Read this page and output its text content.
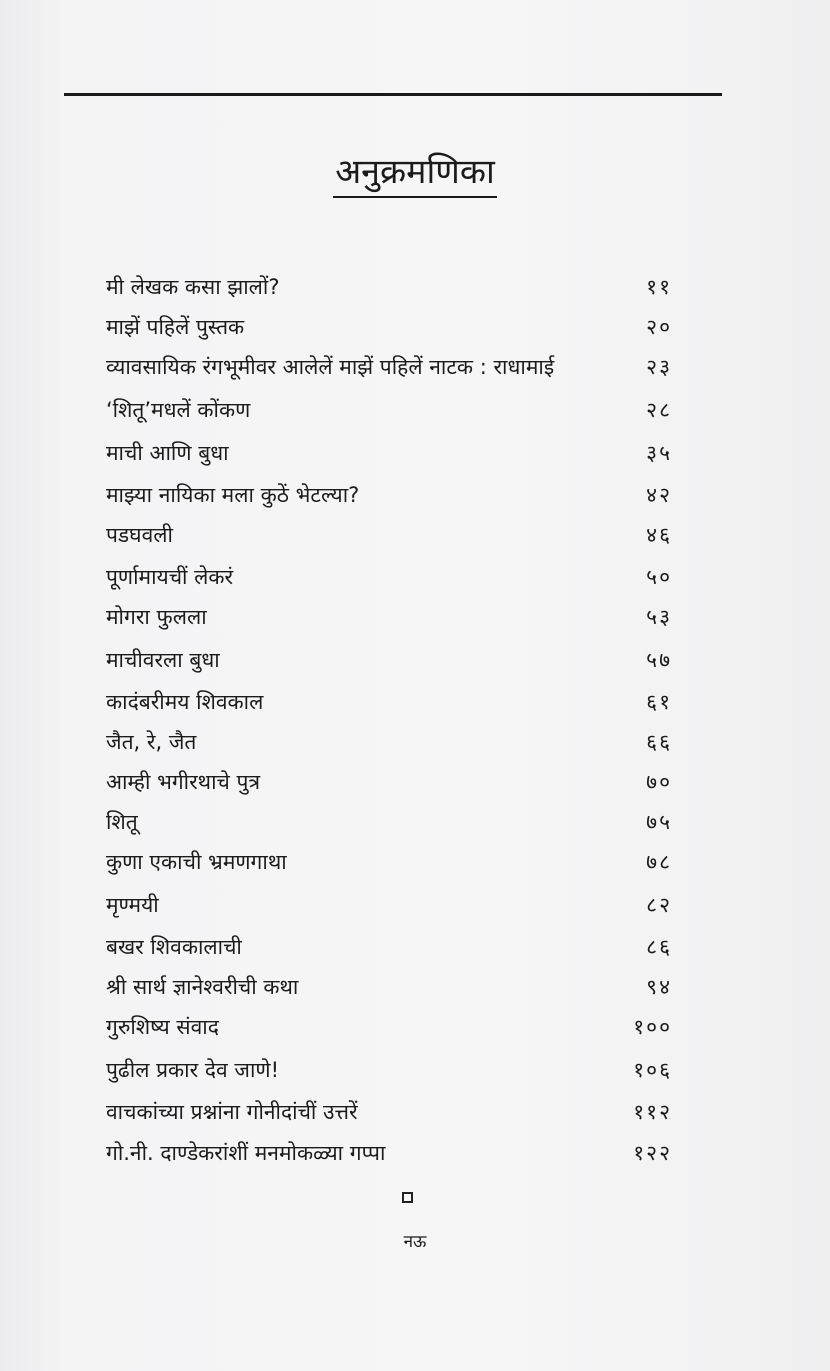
अनुक्रमणिका
मी लेखक कसा झालों?	११
माझें पहिलें पुस्तक	२०
व्यावसायिक रंगभूमीवर आलेलें माझें पहिलें नाटक : राधामाई	२३
‘शितू’मधलें कोंकण	२८
माची आणि बुधा	३५
माझ्या नायिका मला कुठें भेटल्या?	४२
पडघवली	४६
पूर्णामायचीं लेकरं	५०
मोगरा फुलला	५३
माचीवरला बुधा	५७
कादंबरीमय शिवकाल	६१
जैत, रे, जैत	६६
आम्ही भगीरथाचे पुत्र	७०
शितू	७५
कुणा एकाची भ्रमणगाथा	७८
मृण्मयी	८२
बखर शिवकालाची	८६
श्री सार्थ ज्ञानेश्वरीची कथा	९४
गुरुशिष्य संवाद	१००
पुढील प्रकार देव जाणे!	१०६
वाचकांच्या प्रश्नांना गोनीदांचीं उत्तरें	११२
गो.नी. दाण्डेकरांशीं मनमोकळ्या गप्पा	१२२
नऊ
